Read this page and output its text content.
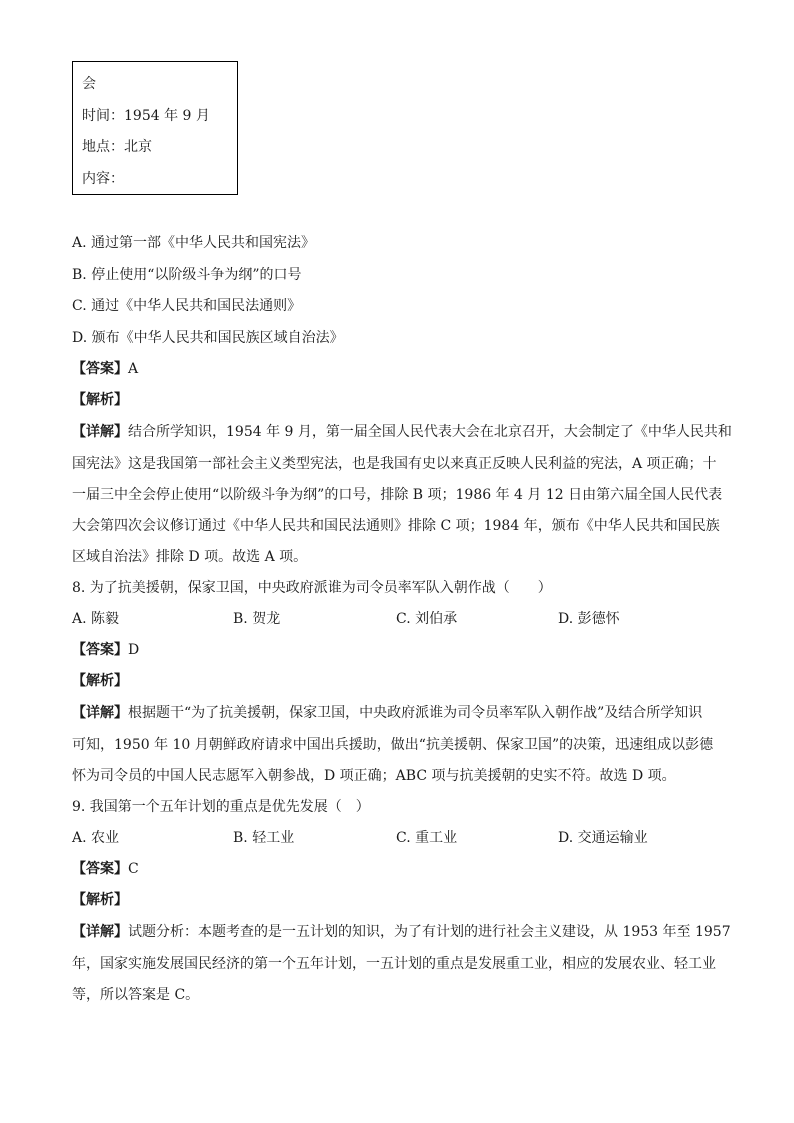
会
时间：1954 年 9 月
地点：北京
内容：
A. 通过第一部《中华人民共和国宪法》
B. 停止使用“以阶级斗争为纲”的口号
C. 通过《中华人民共和国民法通则》
D. 颁布《中华人民共和国民族区域自治法》
【答案】A
【解析】
【详解】结合所学知识，1954 年 9 月，第一届全国人民代表大会在北京召开，大会制定了《中华人民共和
国宪法》这是我国第一部社会主义类型宪法，也是我国有史以来真正反映人民利益的宪法，A 项正确；十
一届三中全会停止使用“以阶级斗争为纲”的口号，排除 B 项；1986 年 4 月 12 日由第六届全国人民代表
大会第四次会议修订通过《中华人民共和国民法通则》排除 C 项；1984 年，颁布《中华人民共和国民族
区域自治法》排除 D 项。故选 A 项。
8. 为了抗美援朝，保家卫国，中央政府派谁为司令员率军队入朝作战（　　）
A. 陈毅	B. 贺龙	C. 刘伯承	D. 彭德怀
【答案】D
【解析】
【详解】根据题干“为了抗美援朝，保家卫国，中央政府派谁为司令员率军队入朝作战”及结合所学知识
可知，1950 年 10 月朝鲜政府请求中国出兵援助，做出“抗美援朝、保家卫国”的决策，迅速组成以彭德
怀为司令员的中国人民志愿军入朝参战，D 项正确；ABC 项与抗美援朝的史实不符。故选 D 项。
9. 我国第一个五年计划的重点是优先发展（　）
A. 农业	B. 轻工业	C. 重工业	D. 交通运输业
【答案】C
【解析】
【详解】试题分析：本题考查的是一五计划的知识，为了有计划的进行社会主义建设，从 1953 年至 1957
年，国家实施发展国民经济的第一个五年计划，一五计划的重点是发展重工业，相应的发展农业、轻工业
等，所以答案是 C。
